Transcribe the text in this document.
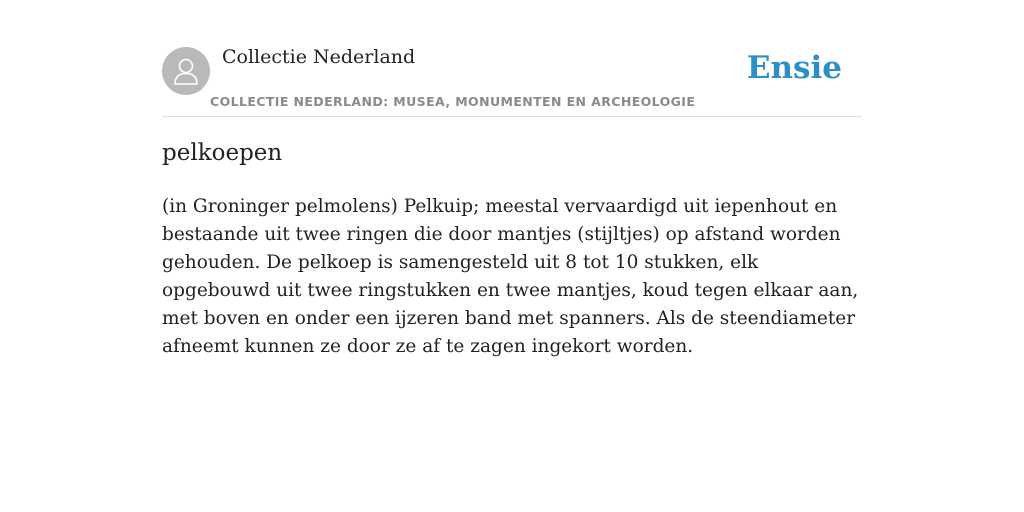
Collectie Nederland
COLLECTIE NEDERLAND: MUSEA, MONUMENTEN EN ARCHEOLOGIE
Ensie
pelkoepen

(in Groninger pelmolens) Pelkuip; meestal vervaardigd uit iepenhout en bestaande uit twee ringen die door mantjes (stijltjes) op afstand worden gehouden. De pelkoep is samengesteld uit 8 tot 10 stukken, elk opgebouwd uit twee ringstukken en twee mantjes, koud tegen elkaar aan, met boven en onder een ijzeren band met spanners. Als de steendiameter afneemt kunnen ze door ze af te zagen ingekort worden.
